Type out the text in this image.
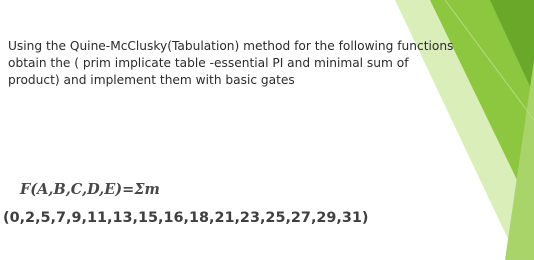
Using the Quine-McClusky(Tabulation) method for the following functions
obtain the ( prim implicate table -essential PI and minimal sum of
product) and implement them with basic gates
F(A,B,C,D,E)=Σm
(0,2,5,7,9,11,13,15,16,18,21,23,25,27,29,31)
